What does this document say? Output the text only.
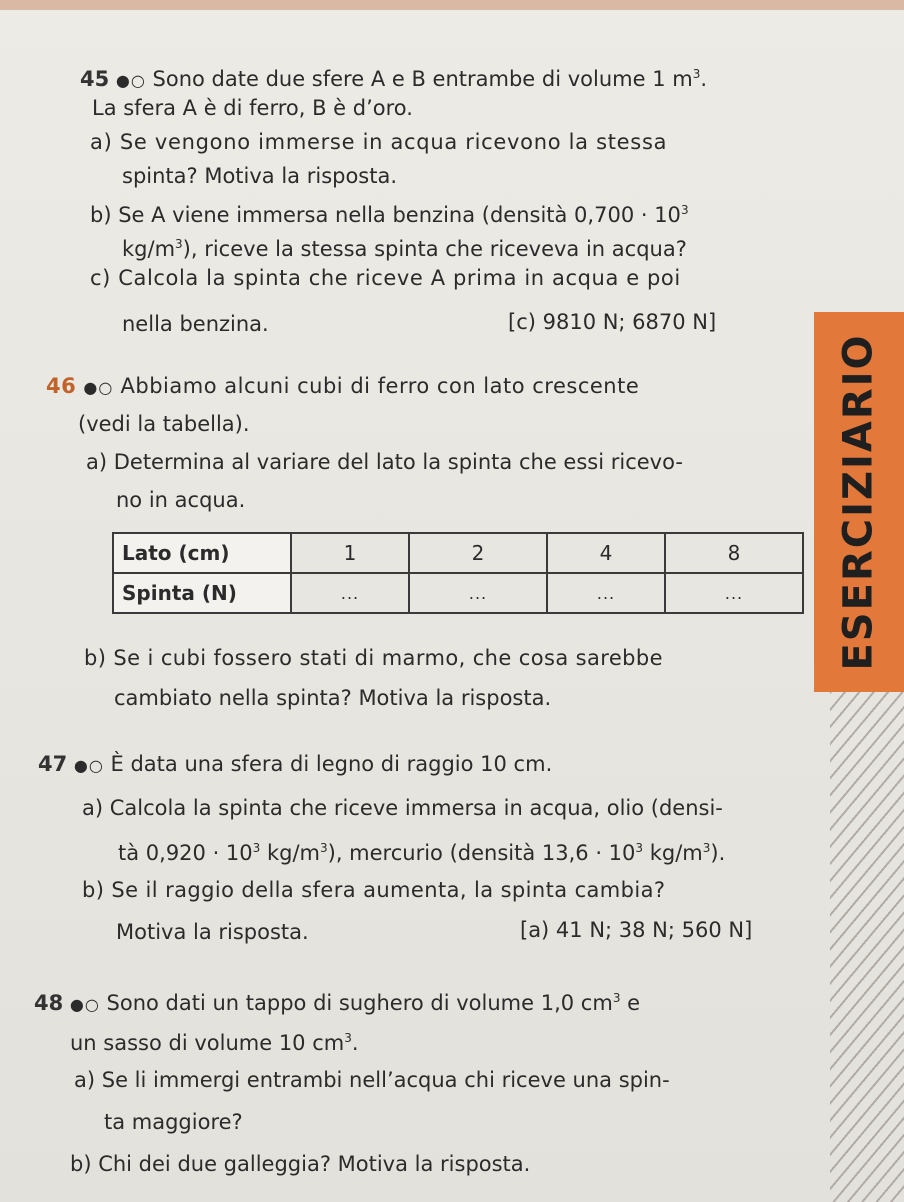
ESERCIZIARIO
45 ●○ Sono date due sfere A e B entrambe di volume 1 $m^3$.
La sfera A è di ferro, B è d’oro.
a) Se vengono immerse in acqua ricevono la stessa
spinta? Motiva la risposta.
b) Se A viene immersa nella benzina (densità $0,700 \cdot 10^3$
$kg/m^3$), riceve la stessa spinta che riceveva in acqua?
c) Calcola la spinta che riceve A prima in acqua e poi
nella benzina.	[c) 9810 N; 6870 N]
46 ●○ Abbiamo alcuni cubi di ferro con lato crescente
(vedi la tabella).
a) Determina al variare del lato la spinta che essi ricevo-
no in acqua.
Lato (cm)	1	2	4	8
Spinta (N)	...	...	...	...
b) Se i cubi fossero stati di marmo, che cosa sarebbe
cambiato nella spinta? Motiva la risposta.
47 ●○ È data una sfera di legno di raggio 10 cm.
a) Calcola la spinta che riceve immersa in acqua, olio (densi-
tà $0,920 \cdot 10^3$ $kg/m^3$), mercurio (densità $13,6 \cdot 10^3$ $kg/m^3$).
b) Se il raggio della sfera aumenta, la spinta cambia?
Motiva la risposta.	[a) 41 N; 38 N; 560 N]
48 ●○ Sono dati un tappo di sughero di volume 1,0 $cm^3$ e
un sasso di volume 10 $cm^3$.
a) Se li immergi entrambi nell’acqua chi riceve una spin-
ta maggiore?
b) Chi dei due galleggia? Motiva la risposta.
